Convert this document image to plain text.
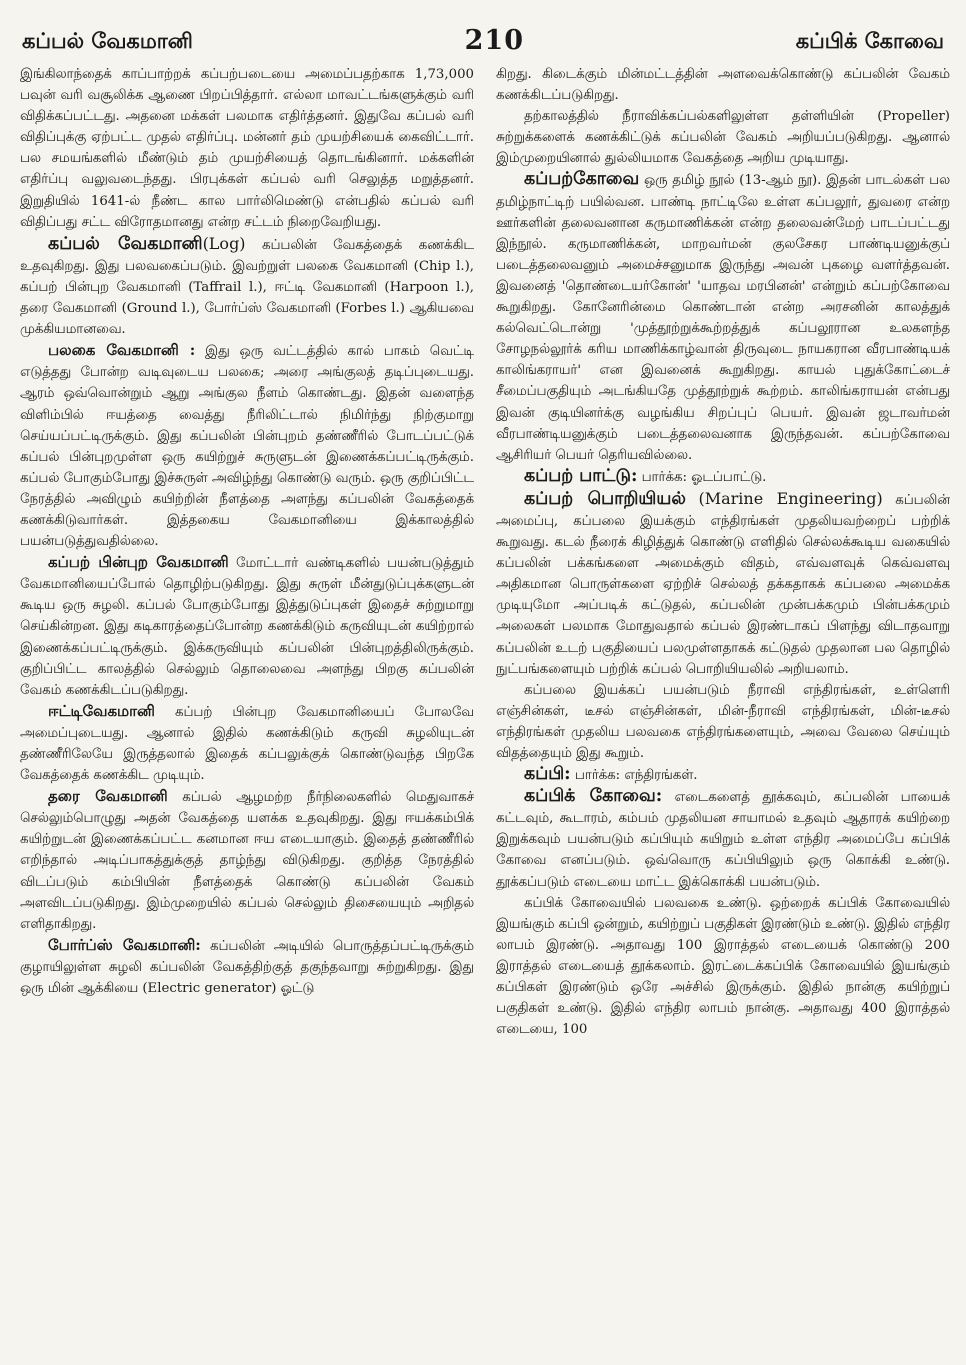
கப்பல் வேகமானி	210	கப்பிக் கோவை

இங்கிலாந்தைக் காப்பாற்றக் கப்பற்படையை அமைப்பதற்காக 1,73,000 பவுன் வரி வசூலிக்க ஆணை பிறப்பித்தார். எல்லா மாவட்டங்களுக்கும் வரி விதிக்கப்பட்டது. அதனை மக்கள் பலமாக எதிர்த்தனர். இதுவே கப்பல் வரி விதிப்புக்கு ஏற்பட்ட முதல் எதிர்ப்பு. மன்னர் தம் முயற்சியைக் கைவிட்டார். பல சமயங்களில் மீண்டும் தம் முயற்சியைத் தொடங்கினார். மக்களின் எதிர்ப்பு வலுவடைந்தது. பிரபுக்கள் கப்பல் வரி செலுத்த மறுத்தனர். இறுதியில் 1641-ல் நீண்ட கால பார்லிமெண்டு என்பதில் கப்பல் வரி விதிப்பது சட்ட விரோதமானது என்ற சட்டம் நிறைவேறியது.

கப்பல் வேகமானி(Log) கப்பலின் வேகத்தைக் கணக்கிட உதவுகிறது. இது பலவகைப்படும். இவற்றுள் பலகை வேகமானி (Chip l.), கப்பற் பின்புற வேகமானி (Taffrail l.), ஈட்டி வேகமானி (Harpoon l.), தரை வேகமானி (Ground l.), போர்ப்ஸ் வேகமானி (Forbes l.) ஆகியவை முக்கியமானவை.

பலகை வேகமானி : இது ஒரு வட்டத்தில் கால் பாகம் வெட்டி எடுத்தது போன்ற வடிவுடைய பலகை; அரை அங்குலத் தடிப்புடையது. ஆரம் ஒவ்வொன்றும் ஆறு அங்குல நீளம் கொண்டது. இதன் வளைந்த விளிம்பில் ஈயத்தை வைத்து நீரிலிட்டால் நிமிர்ந்து நிற்குமாறு செய்யப்பட்டிருக்கும். இது கப்பலின் பின்புறம் தண்ணீரில் போடப்பட்டுக் கப்பல் பின்புறமுள்ள ஒரு கயிற்றுச் சுருளுடன் இணைக்கப்பட்டிருக்கும். கப்பல் போகும்போது இச்சுருள் அவிழ்ந்து கொண்டு வரும். ஒரு குறிப்பிட்ட நேரத்தில் அவிழும் கயிற்றின் நீளத்தை அளந்து கப்பலின் வேகத்தைக் கணக்கிடுவார்கள். இத்தகைய வேகமானியை இக்காலத்தில் பயன்படுத்துவதில்லை.

கப்பற் பின்புற வேகமானி மோட்டார் வண்டிகளில் பயன்படுத்தும் வேகமானியைப்போல் தொழிற்படுகிறது. இது சுருள் மீன்துடுப்புக்களுடன் கூடிய ஒரு சுழலி. கப்பல் போகும்போது இத்துடுப்புகள் இதைச் சுற்றுமாறு செய்கின்றன. இது கடிகாரத்தைப்போன்ற கணக்கிடும் கருவியுடன் கயிற்றால் இணைக்கப்பட்டிருக்கும். இக்கருவியும் கப்பலின் பின்புறத்திலிருக்கும். குறிப்பிட்ட காலத்தில் செல்லும் தொலைவை அளந்து பிறகு கப்பலின் வேகம் கணக்கிடப்படுகிறது.

ஈட்டிவேகமானி கப்பற் பின்புற வேகமானியைப் போலவே அமைப்புடையது. ஆனால் இதில் கணக்கிடும் கருவி சுழலியுடன் தண்ணீரிலேயே இருத்தலால் இதைக் கப்பலுக்குக் கொண்டுவந்த பிறகே வேகத்தைக் கணக்கிட முடியும்.

தரை வேகமானி கப்பல் ஆழமற்ற நீர்நிலைகளில் மெதுவாகச் செல்லும்பொழுது அதன் வேகத்தை யளக்க உதவுகிறது. இது ஈயக்கம்பிக் கயிற்றுடன் இணைக்கப்பட்ட கனமான ஈய எடையாகும். இதைத் தண்ணீரில் எறிந்தால் அடிப்பாகத்துக்குத் தாழ்ந்து விடுகிறது. குறித்த நேரத்தில் விடப்படும் கம்பியின் நீளத்தைக் கொண்டு கப்பலின் வேகம் அளவிடப்படுகிறது. இம்முறையில் கப்பல் செல்லும் திசையையும் அறிதல் எளிதாகிறது.

போர்ப்ஸ் வேகமானி: கப்பலின் அடியில் பொருத்தப்பட்டிருக்கும் குழாயிலுள்ள சுழலி கப்பலின் வேகத்திற்குத் தகுந்தவாறு சுற்றுகிறது. இது ஒரு மின் ஆக்கியை (Electric generator) ஓட்டு

கிறது. கிடைக்கும் மின்மட்டத்தின் அளவைக்கொண்டு கப்பலின் வேகம் கணக்கிடப்படுகிறது.

தற்காலத்தில் நீராவிக்கப்பல்களிலுள்ள தள்ளியின் (Propeller) சுற்றுக்களைக் கணக்கிட்டுக் கப்பலின் வேகம் அறியப்படுகிறது. ஆனால் இம்முறையினால் துல்லியமாக வேகத்தை அறிய முடியாது.

கப்பற்கோவை ஒரு தமிழ் நூல் (13-ஆம் நூ). இதன் பாடல்கள் பல தமிழ்நாட்டிற் பயில்வன. பாண்டி நாட்டிலே உள்ள கப்பலூர், துவரை என்ற ஊர்களின் தலைவனான கருமாணிக்கன் என்ற தலைவன்மேற் பாடப்பட்டது இந்நூல். கருமாணிக்கன், மாறவர்மன் குலசேகர பாண்டியனுக்குப் படைத்தலைவனும் அமைச்சனுமாக இருந்து அவன் புகழை வளர்த்தவன். இவனைத் 'தொண்டையர்கோன்' 'யாதவ மரபினன்' என்றும் கப்பற்கோவை கூறுகிறது. கோனேரின்மை கொண்டான் என்ற அரசனின் காலத்துக் கல்வெட்டொன்று 'முத்தூற்றுக்கூற்றத்துக் கப்பலூரான உலகளந்த சோழநல்லூர்க் கரிய மாணிக்காழ்வான் திருவுடை நாயகரான வீரபாண்டியக் காலிங்கராயர்' என இவனைக் கூறுகிறது. காயல் புதுக்கோட்டைச் சீமைப்பகுதியும் அடங்கியதே முத்தூற்றுக் கூற்றம். காலிங்கராயன் என்பது இவன் குடியினர்க்கு வழங்கிய சிறப்புப் பெயர். இவன் ஜடாவர்மன் வீரபாண்டியனுக்கும் படைத்தலைவனாக இருந்தவன். கப்பற்கோவை ஆசிரியர் பெயர் தெரியவில்லை.

கப்பற் பாட்டு: பார்க்க: ஓடப்பாட்டு.

கப்பற் பொறியியல் (Marine Engineering) கப்பலின் அமைப்பு, கப்பலை இயக்கும் எந்திரங்கள் முதலியவற்றைப் பற்றிக் கூறுவது. கடல் நீரைக் கிழித்துக் கொண்டு எளிதில் செல்லக்கூடிய வகையில் கப்பலின் பக்கங்களை அமைக்கும் விதம், எவ்வளவுக் கெவ்வளவு அதிகமான பொருள்களை ஏற்றிச் செல்லத் தக்கதாகக் கப்பலை அமைக்க முடியுமோ அப்படிக் கட்டுதல், கப்பலின் முன்பக்கமும் பின்பக்கமும் அலைகள் பலமாக மோதுவதால் கப்பல் இரண்டாகப் பிளந்து விடாதவாறு கப்பலின் உடற் பகுதியைப் பலமுள்ளதாகக் கட்டுதல் முதலான பல தொழில் நுட்பங்களையும் பற்றிக் கப்பல் பொறியியலில் அறியலாம்.

கப்பலை இயக்கப் பயன்படும் நீராவி எந்திரங்கள், உள்ளெரி எஞ்சின்கள், டீசல் எஞ்சின்கள், மின்-நீராவி எந்திரங்கள், மின்-டீசல் எந்திரங்கள் முதலிய பலவகை எந்திரங்களையும், அவை வேலை செய்யும் விதத்தையும் இது கூறும்.

கப்பி: பார்க்க: எந்திரங்கள்.

கப்பிக் கோவை: எடைகளைத் தூக்கவும், கப்பலின் பாயைக் கட்டவும், கூடாரம், கம்பம் முதலியன சாயாமல் உதவும் ஆதாரக் கயிற்றை இறுக்கவும் பயன்படும் கப்பியும் கயிறும் உள்ள எந்திர அமைப்பே கப்பிக் கோவை எனப்படும். ஒவ்வொரு கப்பியிலும் ஒரு கொக்கி உண்டு. தூக்கப்படும் எடையை மாட்ட இக்கொக்கி பயன்படும்.

கப்பிக் கோவையில் பலவகை உண்டு. ஒற்றைக் கப்பிக் கோவையில் இயங்கும் கப்பி ஒன்றும், கயிற்றுப் பகுதிகள் இரண்டும் உண்டு. இதில் எந்திர லாபம் இரண்டு. அதாவது 100 இராத்தல் எடையைக் கொண்டு 200 இராத்தல் எடையைத் தூக்கலாம். இரட்டைக்கப்பிக் கோவையில் இயங்கும் கப்பிகள் இரண்டும் ஒரே அச்சில் இருக்கும். இதில் நான்கு கயிற்றுப் பகுதிகள் உண்டு. இதில் எந்திர லாபம் நான்கு. அதாவது 400 இராத்தல் எடையை, 100
